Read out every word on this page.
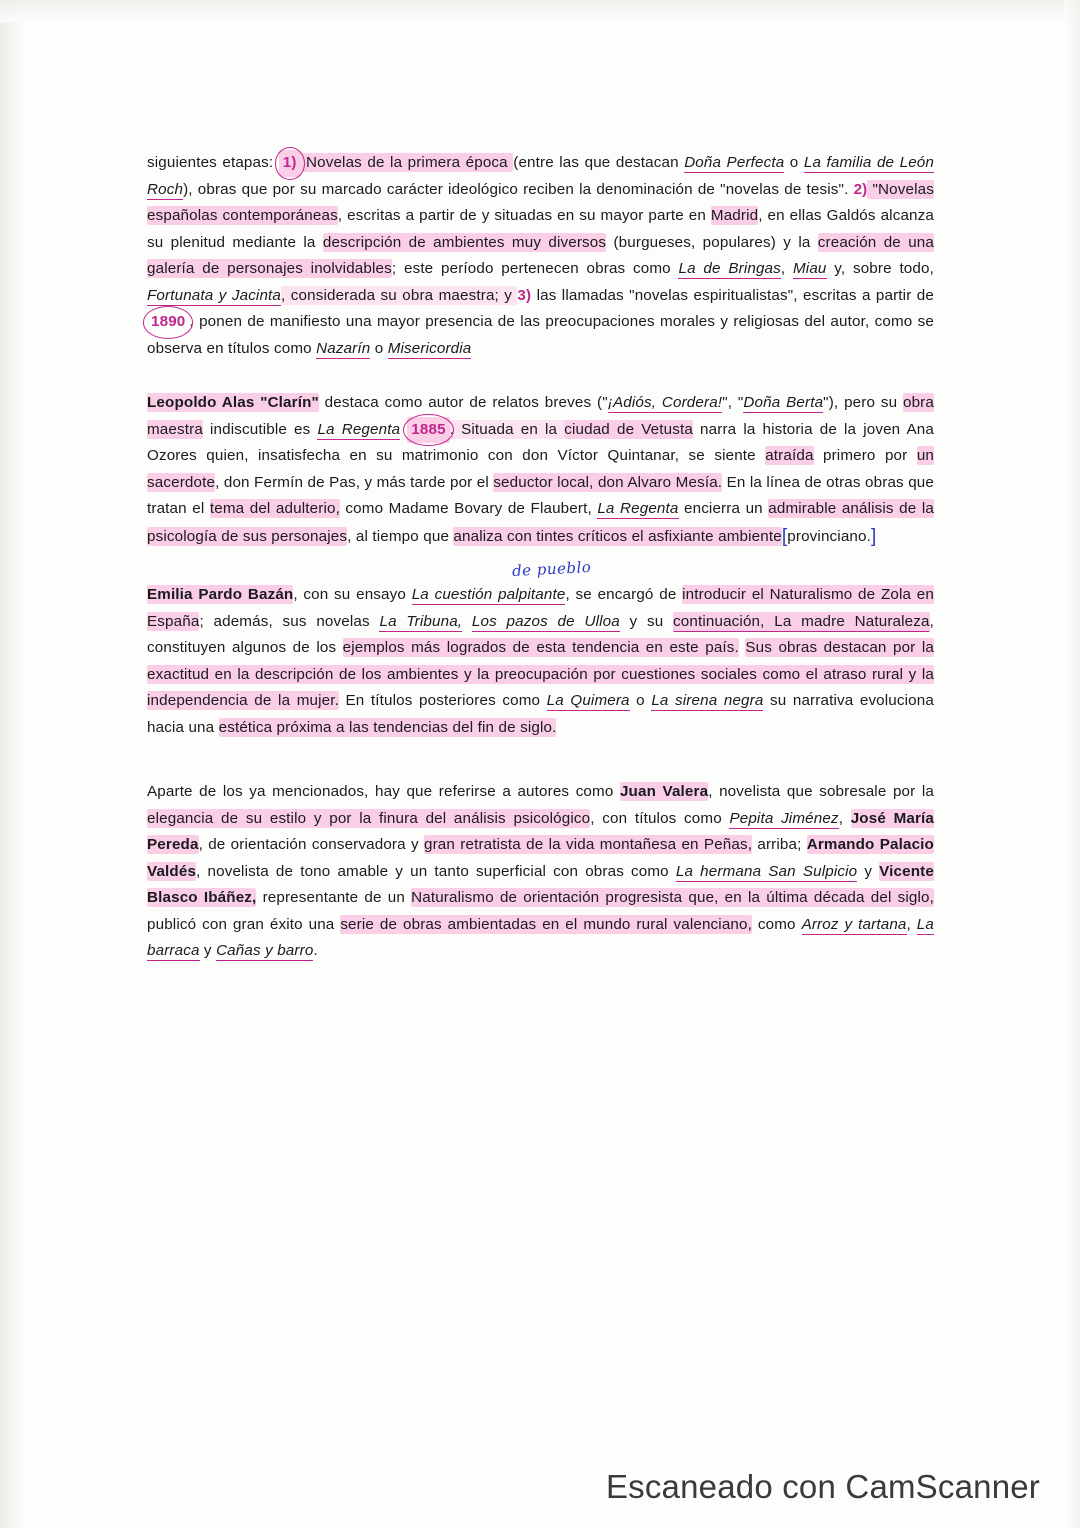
siguientes etapas: 1) Novelas de la primera época (entre las que destacan Doña Perfecta o La familia de León Roch), obras que por su marcado carácter ideológico reciben la denominación de "novelas de tesis". 2) "Novelas españolas contemporáneas, escritas a partir de y situadas en su mayor parte en Madrid, en ellas Galdós alcanza su plenitud mediante la descripción de ambientes muy diversos (burgueses, populares) y la creación de una galería de personajes inolvidables; este período pertenecen obras como La de Bringas, Miau y, sobre todo, Fortunata y Jacinta, considerada su obra maestra; y 3) las llamadas "novelas espiritualistas", escritas a partir de 1890 , ponen de manifiesto una mayor presencia de las preocupaciones morales y religiosas del autor, como se observa en títulos como Nazarín o Misericordia

Leopoldo Alas "Clarín" destaca como autor de relatos breves ("¡Adiós, Cordera!", "Doña Berta"), pero su obra maestra indiscutible es La Regenta 1885 . Situada en la ciudad de Vetusta narra la historia de la joven Ana Ozores quien, insatisfecha en su matrimonio con don Víctor Quintanar, se siente atraída primero por un sacerdote, don Fermín de Pas, y más tarde por el seductor local, don Alvaro Mesía. En la línea de otras obras que tratan el tema del adulterio, como Madame Bovary de Flaubert, La Regenta encierra un admirable análisis de la psicología de sus personajes, al tiempo que analiza con tintes críticos el asfixiante ambiente [ provinciano. ]

de pueblo

Emilia Pardo Bazán, con su ensayo La cuestión palpitante, se encargó de introducir el Naturalismo de Zola en España; además, sus novelas La Tribuna, Los pazos de Ulloa y su continuación, La madre Naturaleza, constituyen algunos de los ejemplos más logrados de esta tendencia en este país. Sus obras destacan por la exactitud en la descripción de los ambientes y la preocupación por cuestiones sociales como el atraso rural y la independencia de la mujer. En títulos posteriores como La Quimera o La sirena negra su narrativa evoluciona hacia una estética próxima a las tendencias del fin de siglo.

Aparte de los ya mencionados, hay que referirse a autores como Juan Valera, novelista que sobresale por la elegancia de su estilo y por la finura del análisis psicológico, con títulos como Pepita Jiménez, José María Pereda, de orientación conservadora y gran retratista de la vida montañesa en Peñas, arriba; Armando Palacio Valdés, novelista de tono amable y un tanto superficial con obras como La hermana San Sulpicio y Vicente Blasco Ibáñez, representante de un Naturalismo de orientación progresista que, en la última década del siglo, publicó con gran éxito una serie de obras ambientadas en el mundo rural valenciano, como Arroz y tartana, La barraca y Cañas y barro.

Escaneado con CamScanner
